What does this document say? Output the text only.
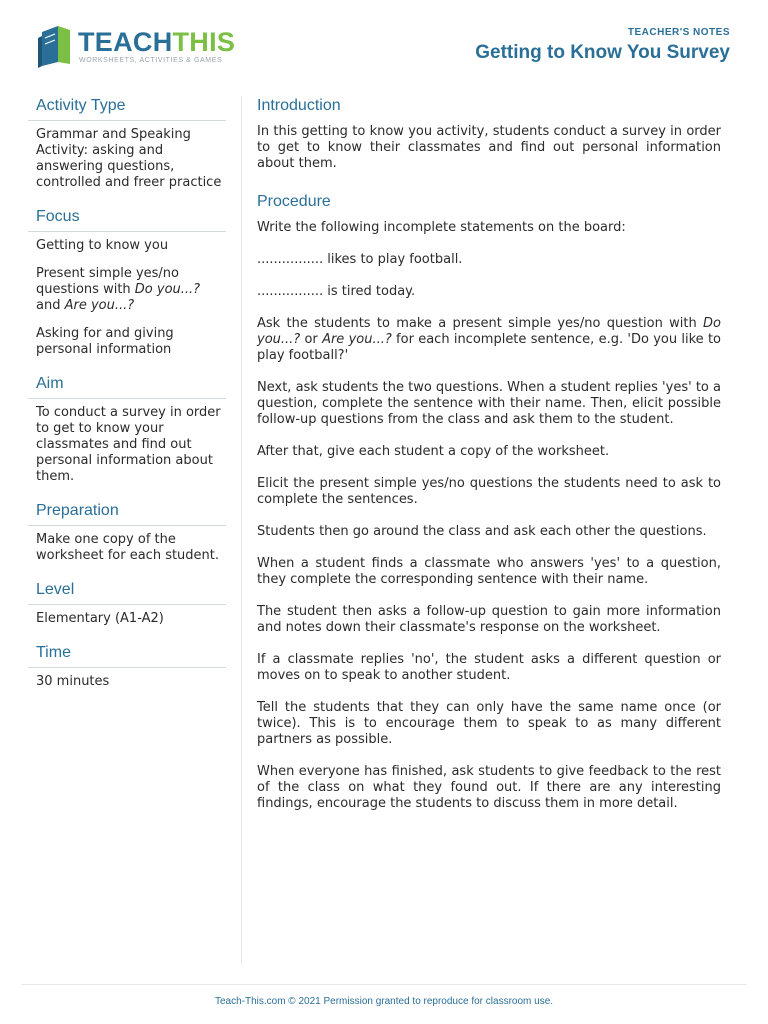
TEACHTHIS
WORKSHEETS, ACTIVITIES & GAMES
TEACHER'S NOTES
Getting to Know You Survey
Activity Type

Grammar and Speaking Activity: asking and answering questions, controlled and freer practice

Focus

Getting to know you

Present simple yes/no questions with Do you...? and Are you...?

Asking for and giving personal information

Aim

To conduct a survey in order to get to know your classmates and find out personal information about them.

Preparation

Make one copy of the worksheet for each student.

Level

Elementary (A1-A2)

Time

30 minutes

Introduction

In this getting to know you activity, students conduct a survey in order to get to know their classmates and find out personal information about them.

Procedure

Write the following incomplete statements on the board:

................ likes to play football.

................ is tired today.

Ask the students to make a present simple yes/no question with Do you...? or Are you...? for each incomplete sentence, e.g. 'Do you like to play football?'

Next, ask students the two questions. When a student replies 'yes' to a question, complete the sentence with their name. Then, elicit possible follow-up questions from the class and ask them to the student.

After that, give each student a copy of the worksheet.

Elicit the present simple yes/no questions the students need to ask to complete the sentences.

Students then go around the class and ask each other the questions.

When a student finds a classmate who answers 'yes' to a question, they complete the corresponding sentence with their name.

The student then asks a follow-up question to gain more information and notes down their classmate's response on the worksheet.

If a classmate replies 'no', the student asks a different question or moves on to speak to another student.

Tell the students that they can only have the same name once (or twice). This is to encourage them to speak to as many different partners as possible.

When everyone has finished, ask students to give feedback to the rest of the class on what they found out. If there are any interesting findings, encourage the students to discuss them in more detail.

Teach-This.com © 2021 Permission granted to reproduce for classroom use.
